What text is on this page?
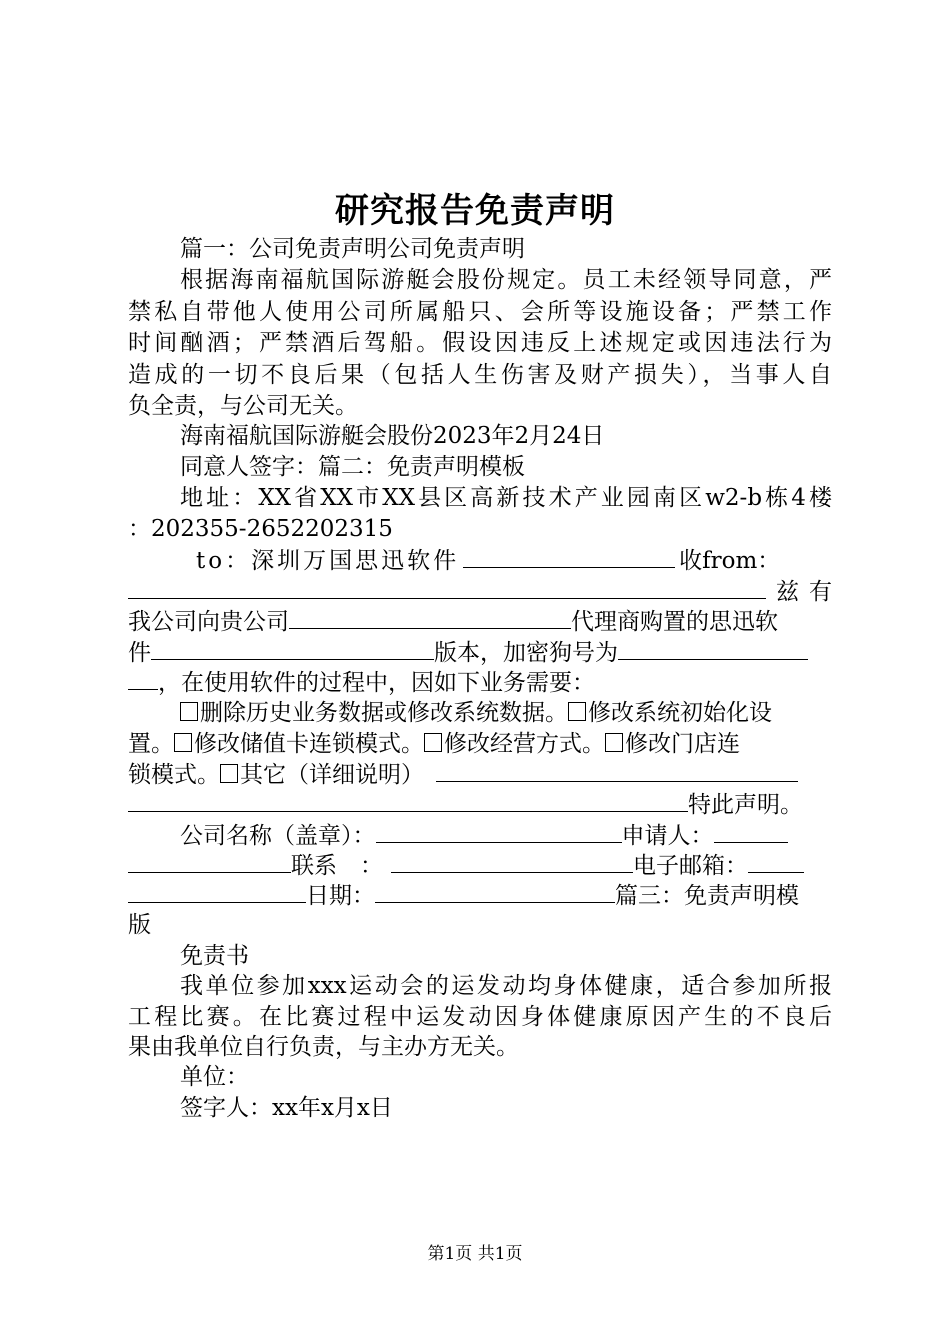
研究报告免责声明
篇一：公司免责声明公司免责声明
根据海南福航国际游艇会股份规定。员工未经领导同意，严
禁私自带他人使用公司所属船只、会所等设施设备；严禁工作
时间酗酒；严禁酒后驾船。假设因违反上述规定或因违法行为
造成的一切不良后果（包括人生伤害及财产损失），当事人自
负全责，与公司无关。
海南福航国际游艇会股份2023年2月24日
同意人签字：篇二：免责声明模板
地址：XX省XX市XX县区高新技术产业园南区w2-b栋4楼
：202355-2652202315
to：深圳万国思迅软件	收from：
兹有
我公司向贵公司	代理商购置的思迅软
件	版本，加密狗号为
，在使用软件的过程中，因如下业务需要：
删除历史业务数据或修改系统数据。 修改系统初始化设
置。 修改储值卡连锁模式。 修改经营方式。 修改门店连
锁模式。 其它（详细说明）
特此声明。
公司名称（盖章）：	申请人：
联系　：	电子邮箱：
日期：	篇三：免责声明模
版
免责书
我单位参加xxx运动会的运发动均身体健康，适合参加所报
工程比赛。在比赛过程中运发动因身体健康原因产生的不良后
果由我单位自行负责，与主办方无关。
单位：
签字人：xx年x月x日
第1页 共1页
